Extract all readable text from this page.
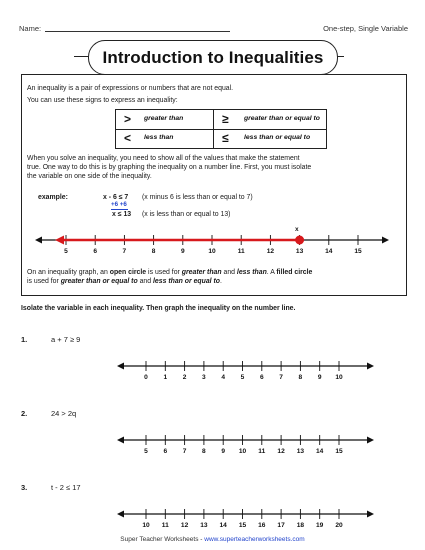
Name:	One-step, Single Variable
Introduction to Inequalities
An inequality is a pair of expressions or numbers that are not equal.
You can use these signs to express an inequality:
> greater than	≥ greater than or equal to
< less than	≤ less than or equal to
When you solve an inequality, you need to show all of the values that make the statement
true. One way to do this is by graphing the inequality on a number line. First, you must isolate
the variable on one side of the inequality.
example:	x - 6 ≤ 7 (x minus 6 is less than or equal to 7)
+6 +6
x ≤ 13 (x is less than or equal to 13)
x
5	6	7	8	9	10	11	12	13	14	15
On an inequality graph, an open circle is used for greater than and less than. A filled circle
is used for greater than or equal to and less than or equal to.
Isolate the variable in each inequality. Then graph the inequality on the number line.
1.	a + 7 ≥ 9
2.	24 > 2q
3.	t - 2 ≤ 17
0	1	2	3	4	5	6	7	8	9	10
5	6	7	8	9	10	11	12	13	14	15
10	11	12	13	14	15	16	17	18	19	20
Super Teacher Worksheets - www.superteacherworksheets.com
